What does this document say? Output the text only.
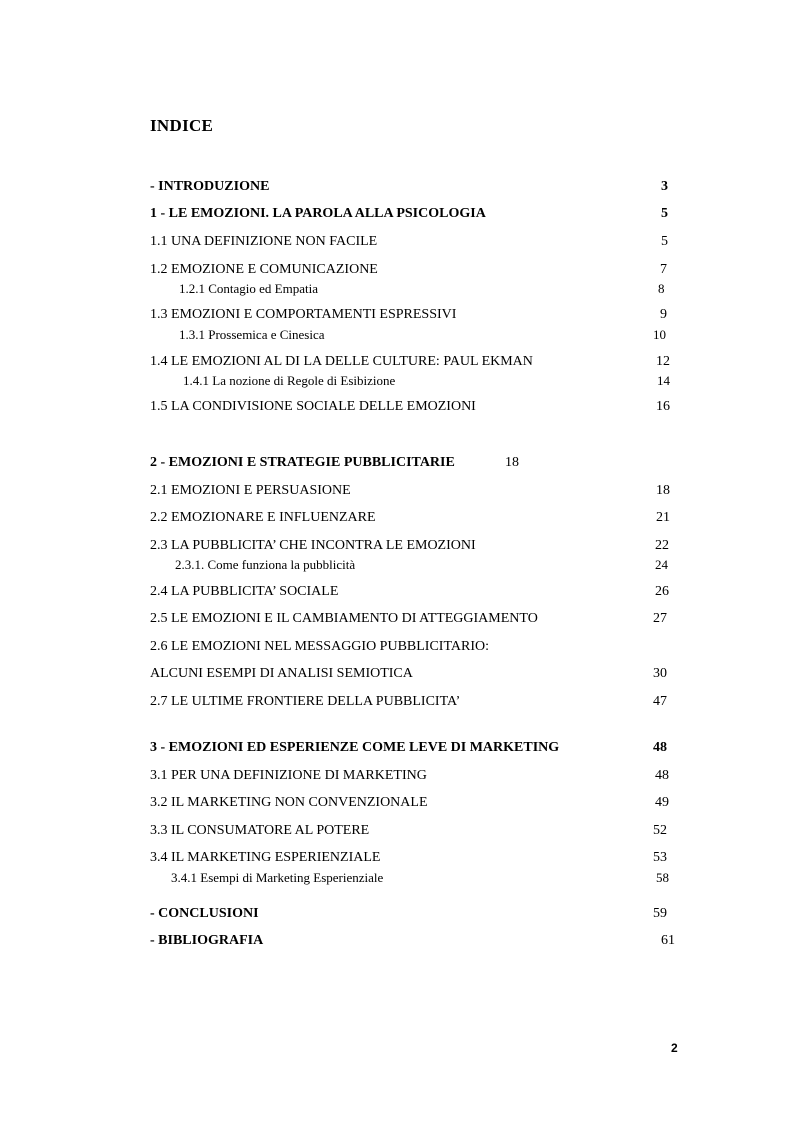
INDICE
- INTRODUZIONE	3
1 - LE EMOZIONI. LA PAROLA ALLA PSICOLOGIA	5
1.1 UNA DEFINIZIONE NON FACILE	5
1.2 EMOZIONE E COMUNICAZIONE	7
1.2.1 Contagio ed Empatia	8
1.3 EMOZIONI E COMPORTAMENTI ESPRESSIVI	9
1.3.1 Prossemica e Cinesica	10
1.4 LE EMOZIONI AL DI LA DELLE CULTURE: PAUL EKMAN	12
1.4.1 La nozione di Regole di Esibizione	14
1.5 LA CONDIVISIONE SOCIALE DELLE EMOZIONI	16
2 - EMOZIONI E STRATEGIE PUBBLICITARIE	18
2.1 EMOZIONI E PERSUASIONE	18
2.2 EMOZIONARE E INFLUENZARE	21
2.3 LA PUBBLICITA’ CHE INCONTRA LE EMOZIONI	22
2.3.1. Come funziona la pubblicità	24
2.4 LA PUBBLICITA’ SOCIALE	26
2.5 LE EMOZIONI E IL CAMBIAMENTO DI ATTEGGIAMENTO	27
2.6 LE EMOZIONI NEL MESSAGGIO PUBBLICITARIO:
ALCUNI ESEMPI DI ANALISI SEMIOTICA	30
2.7 LE ULTIME FRONTIERE DELLA PUBBLICITA’	47
3 - EMOZIONI ED ESPERIENZE COME LEVE DI MARKETING	48
3.1 PER UNA DEFINIZIONE DI MARKETING	48
3.2 IL MARKETING NON CONVENZIONALE	49
3.3 IL CONSUMATORE AL POTERE	52
3.4 IL MARKETING ESPERIENZIALE	53
3.4.1 Esempi di Marketing Esperienziale	58
- CONCLUSIONI	59
- BIBLIOGRAFIA	61
2
